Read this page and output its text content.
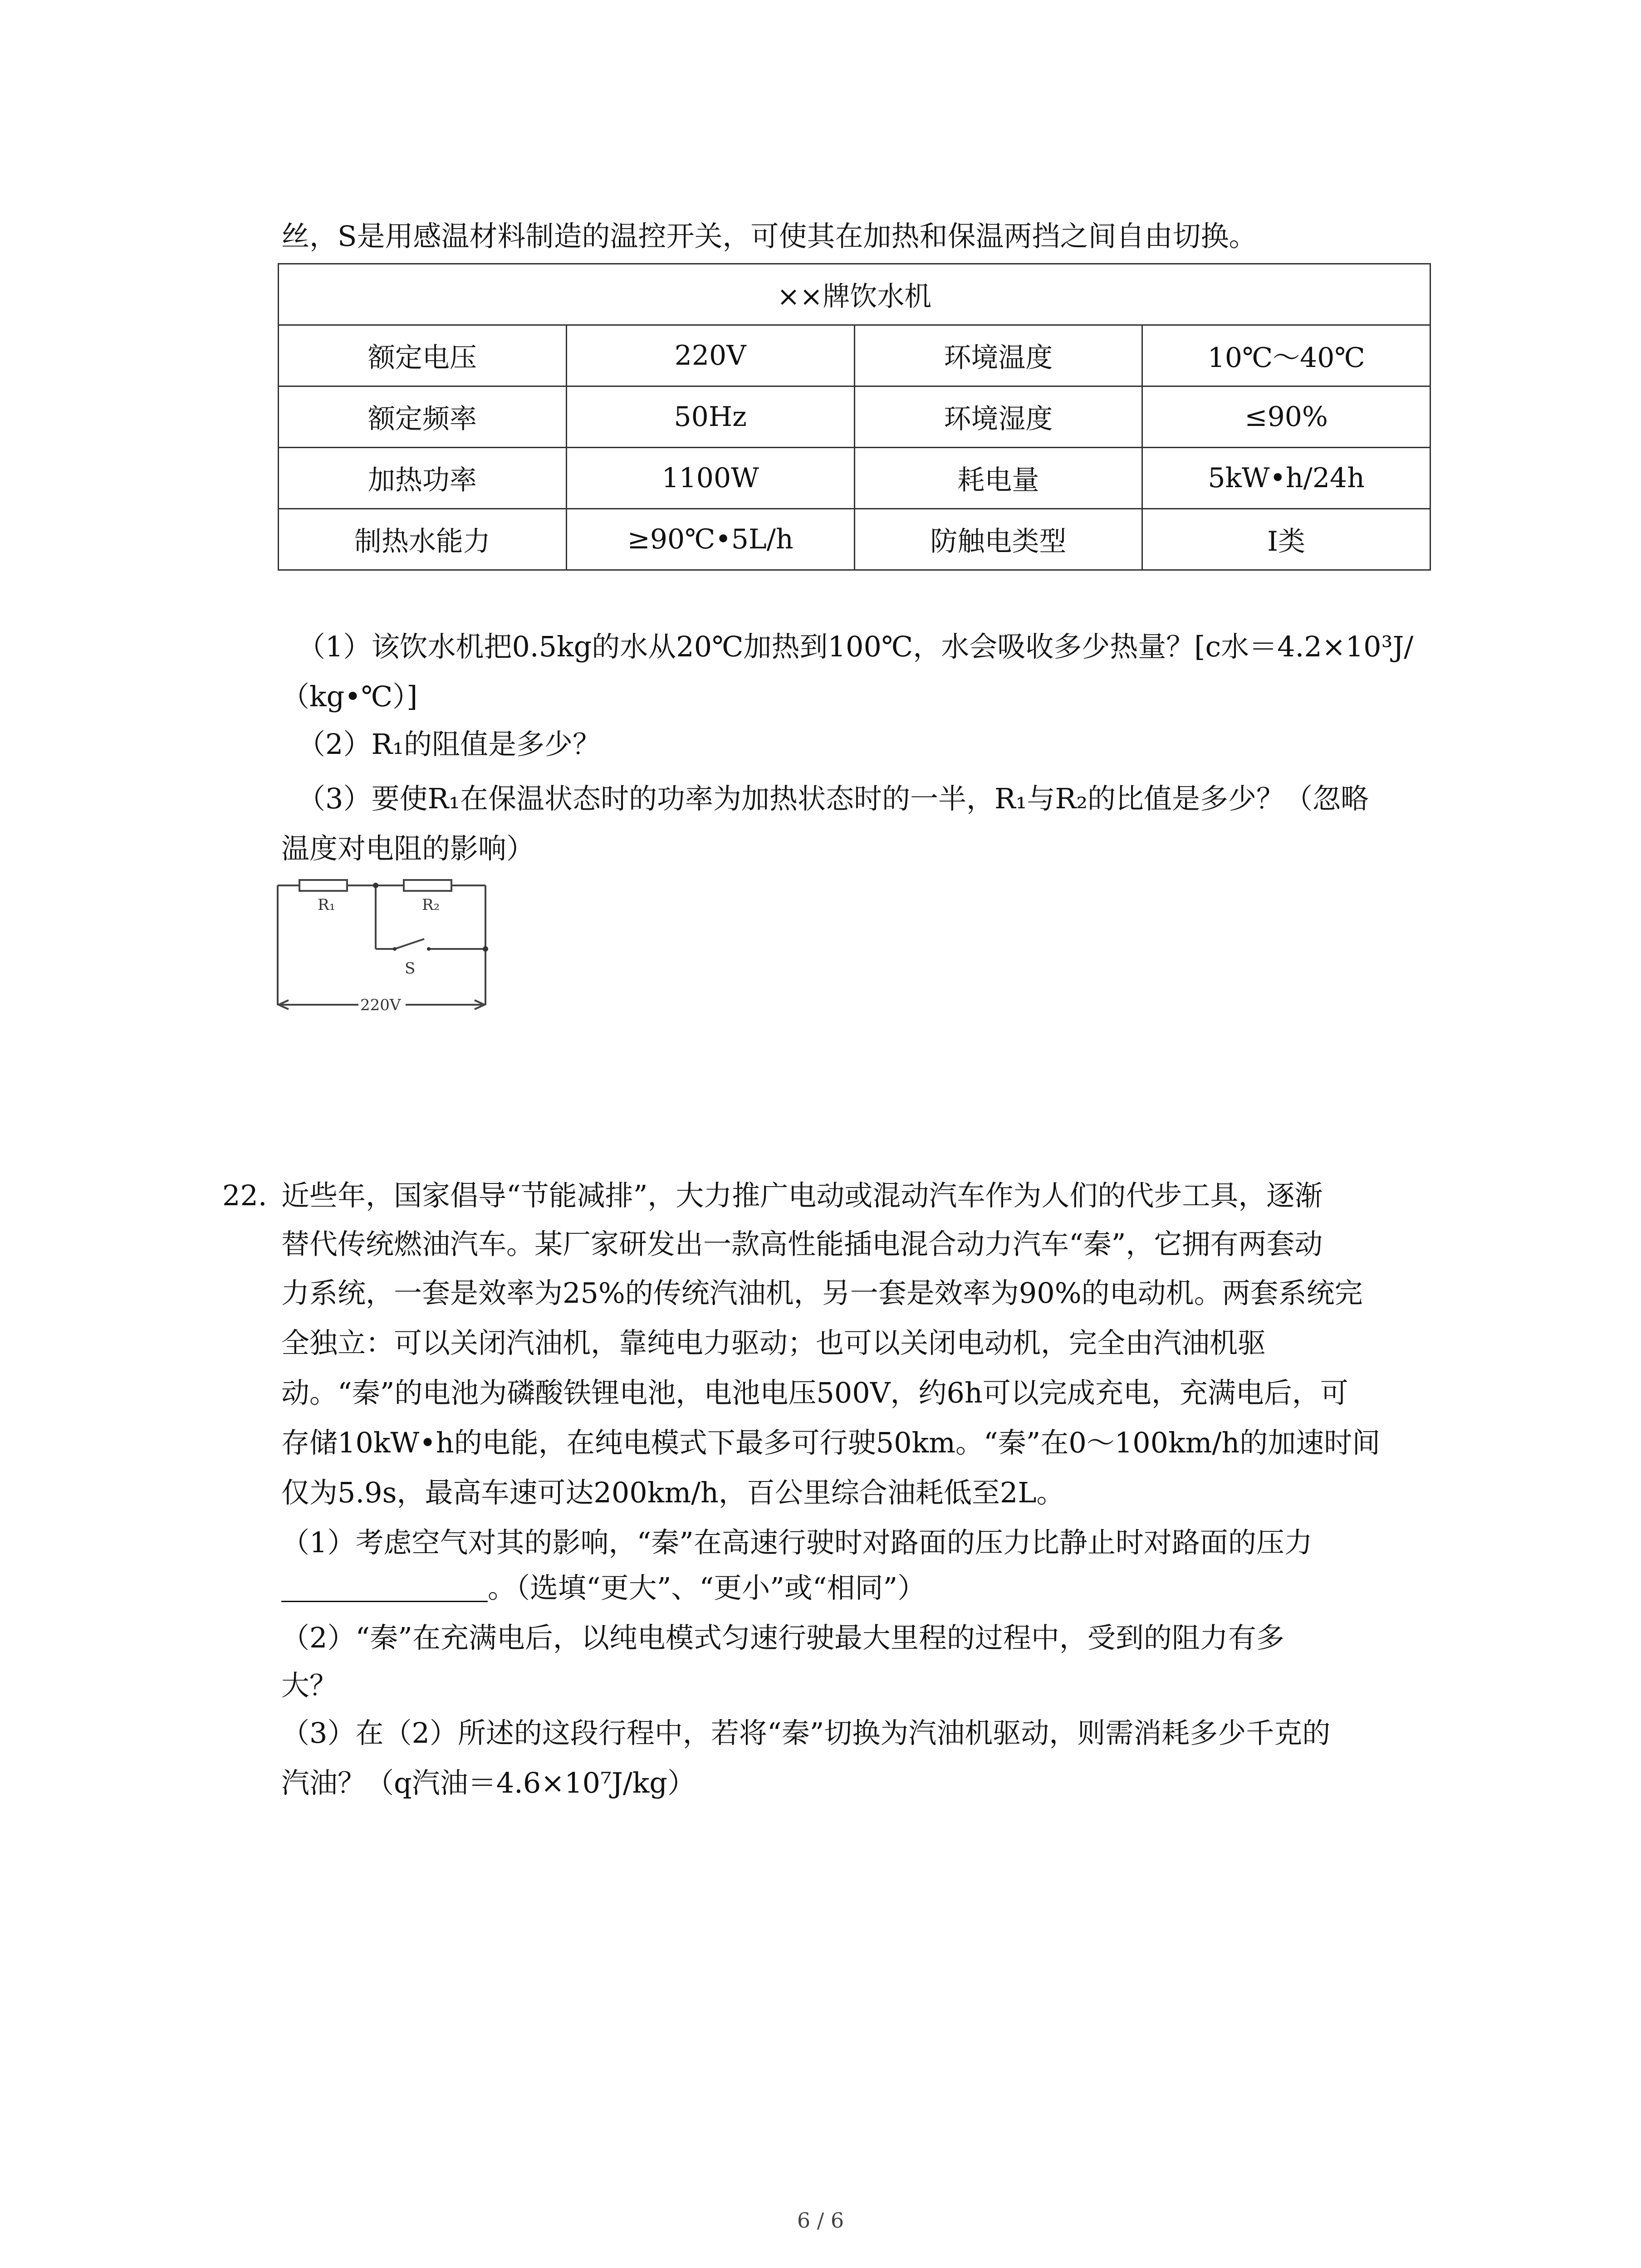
丝，S是用感温材料制造的温控开关，可使其在加热和保温两挡之间自由切换。
××牌饮水机			
额定电压	220V	环境温度	10℃～40℃
额定频率	50Hz	环境湿度	≤90%
加热功率	1100W	耗电量	5kW•h/24h
制热水能力	≥90℃•5L/h	防触电类型	Ⅰ类
（1）该饮水机把0.5kg的水从20℃加热到100℃，水会吸收多少热量？[c水＝4.2×10³J/
（kg•℃）]
（2）R₁的阻值是多少？
（3）要使R₁在保温状态时的功率为加热状态时的一半，R₁与R₂的比值是多少？（忽略
温度对电阻的影响）
R₁	R₂
S
220V
22. 近些年，国家倡导“节能减排”，大力推广电动或混动汽车作为人们的代步工具，逐渐
替代传统燃油汽车。某厂家研发出一款高性能插电混合动力汽车“秦”，它拥有两套动
力系统，一套是效率为25%的传统汽油机，另一套是效率为90%的电动机。两套系统完
全独立：可以关闭汽油机，靠纯电力驱动；也可以关闭电动机，完全由汽油机驱
动。“秦”的电池为磷酸铁锂电池，电池电压500V，约6h可以完成充电，充满电后，可
存储10kW•h的电能，在纯电模式下最多可行驶50km。“秦”在0～100km/h的加速时间
仅为5.9s，最高车速可达200km/h，百公里综合油耗低至2L。
（1）考虑空气对其的影响，“秦”在高速行驶时对路面的压力比静止时对路面的压力
。（选填“更大”、“更小”或“相同”）
（2）“秦”在充满电后，以纯电模式匀速行驶最大里程的过程中，受到的阻力有多
大？
（3）在（2）所述的这段行程中，若将“秦”切换为汽油机驱动，则需消耗多少千克的
汽油？（q汽油＝4.6×10⁷J/kg）
6 / 6
